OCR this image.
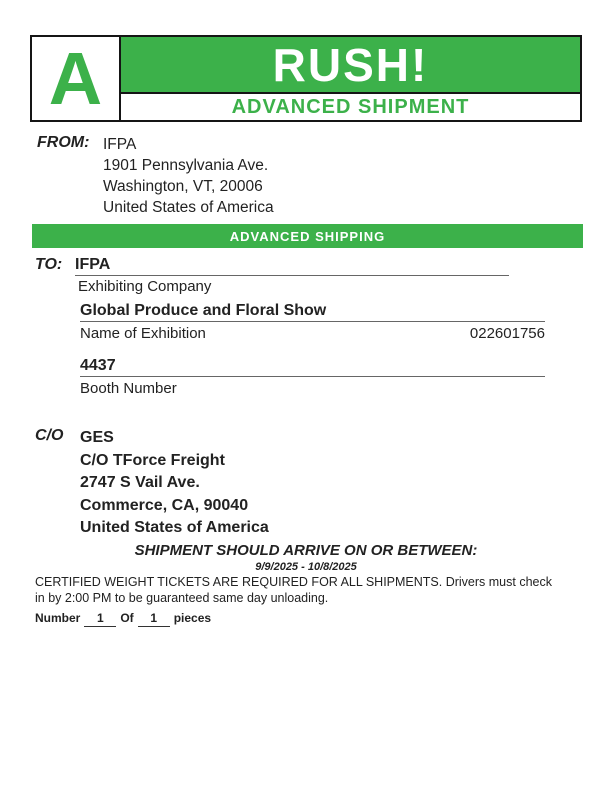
A	RUSH!
ADVANCED SHIPMENT
FROM: IFPA
1901 Pennsylvania Ave.
Washington, VT, 20006
United States of America
ADVANCED SHIPPING
TO: IFPA
Exhibiting Company
Global Produce and Floral Show
Name of Exhibition	022601756
4437
Booth Number
C/O	GES
C/O TForce Freight
2747 S Vail Ave.
Commerce, CA, 90040
United States of America
SHIPMENT SHOULD ARRIVE ON OR BETWEEN:
9/9/2025 - 10/8/2025
CERTIFIED WEIGHT TICKETS ARE REQUIRED FOR ALL SHIPMENTS. Drivers must check in by 2:00 PM to be guaranteed same day unloading.
Number 1 Of 1 pieces
